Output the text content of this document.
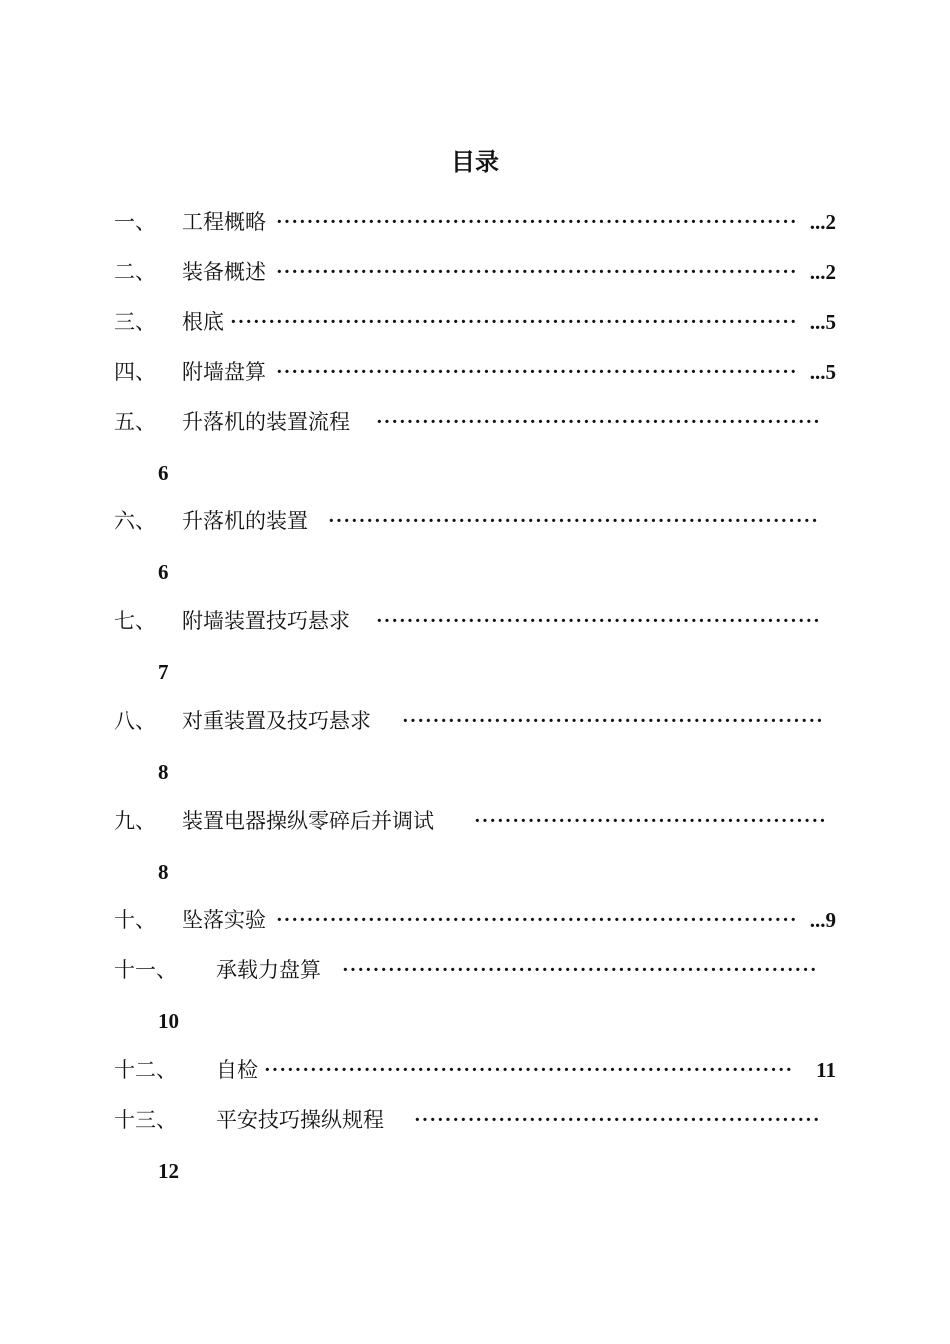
目录
一、 工程概略 ···································································· ...2
二、 装备概述 ···································································· ...2
三、 根底 ·········································································· ...5
四、 附墙盘算 ···································································· ...5
五、 升落机的装置流程 ··························································
6
六、 升落机的装置 ································································
6
七、 附墙装置技巧悬求 ··························································
7
八、 对重装置及技巧悬求 ·······················································
8
九、 装置电器操纵零碎后并调试 ··············································
8
十、 坠落实验 ···································································· ...9
十一、 承载力盘算 ······························································
10
十二、 自检 ·····································································	11
十三、 平安技巧操纵规程 ·····················································
12
